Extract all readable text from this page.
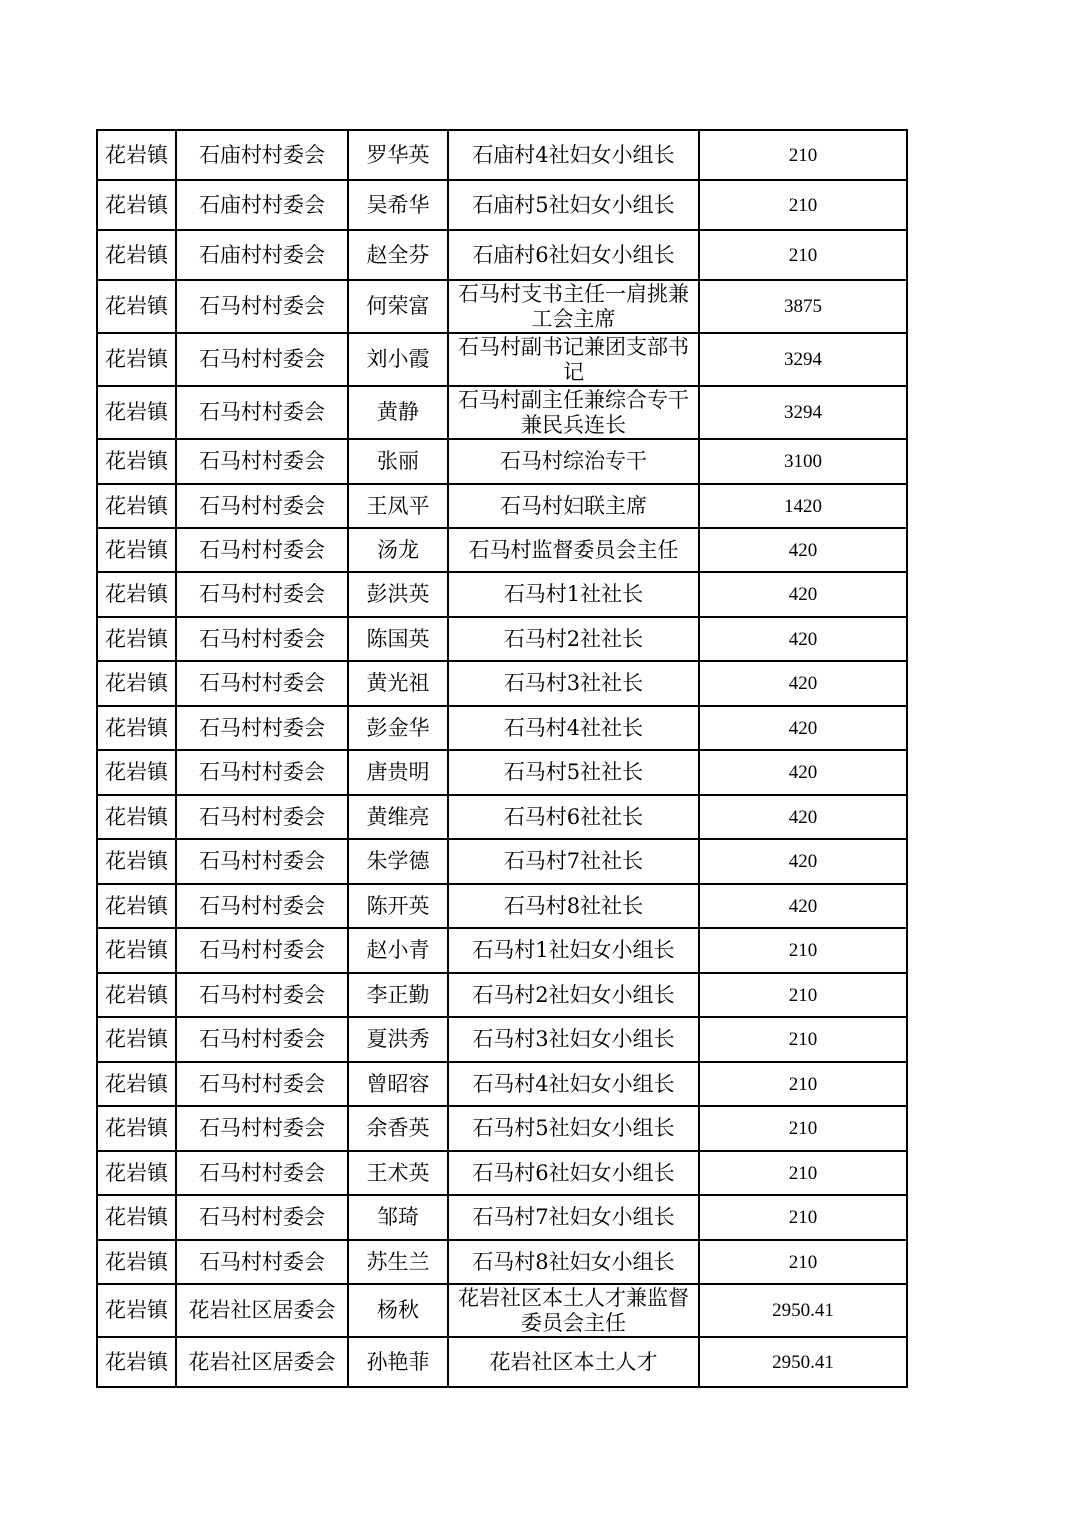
花岩镇	石庙村村委会	罗华英	石庙村4社妇女小组长	210
花岩镇	石庙村村委会	吴希华	石庙村5社妇女小组长	210
花岩镇	石庙村村委会	赵全芬	石庙村6社妇女小组长	210
花岩镇	石马村村委会	何荣富	石马村支书主任一肩挑兼工会主席	3875
花岩镇	石马村村委会	刘小霞	石马村副书记兼团支部书记	3294
花岩镇	石马村村委会	黄静	石马村副主任兼综合专干兼民兵连长	3294
花岩镇	石马村村委会	张丽	石马村综治专干	3100
花岩镇	石马村村委会	王凤平	石马村妇联主席	1420
花岩镇	石马村村委会	汤龙	石马村监督委员会主任	420
花岩镇	石马村村委会	彭洪英	石马村1社社长	420
花岩镇	石马村村委会	陈国英	石马村2社社长	420
花岩镇	石马村村委会	黄光祖	石马村3社社长	420
花岩镇	石马村村委会	彭金华	石马村4社社长	420
花岩镇	石马村村委会	唐贵明	石马村5社社长	420
花岩镇	石马村村委会	黄维亮	石马村6社社长	420
花岩镇	石马村村委会	朱学德	石马村7社社长	420
花岩镇	石马村村委会	陈开英	石马村8社社长	420
花岩镇	石马村村委会	赵小青	石马村1社妇女小组长	210
花岩镇	石马村村委会	李正勤	石马村2社妇女小组长	210
花岩镇	石马村村委会	夏洪秀	石马村3社妇女小组长	210
花岩镇	石马村村委会	曾昭容	石马村4社妇女小组长	210
花岩镇	石马村村委会	余香英	石马村5社妇女小组长	210
花岩镇	石马村村委会	王术英	石马村6社妇女小组长	210
花岩镇	石马村村委会	邹琦	石马村7社妇女小组长	210
花岩镇	石马村村委会	苏生兰	石马村8社妇女小组长	210
花岩镇	花岩社区居委会	杨秋	花岩社区本土人才兼监督委员会主任	2950.41
花岩镇	花岩社区居委会	孙艳菲	花岩社区本土人才	2950.41
